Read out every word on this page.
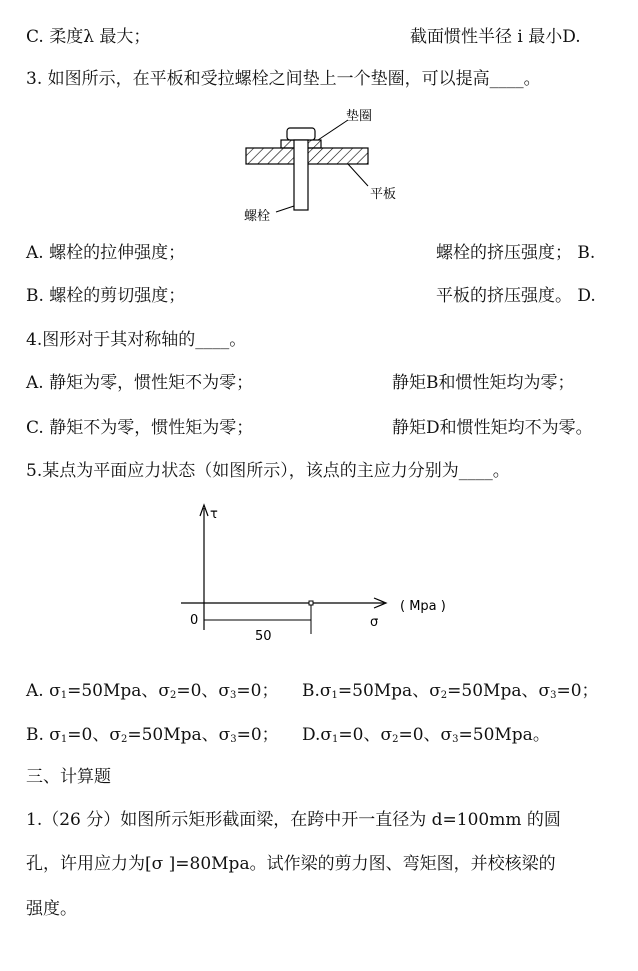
C. 柔度λ 最大；	截面惯性半径 i 最小D.
3. 如图所示，在平板和受拉螺栓之间垫上一个垫圈，可以提高____。
垫圈
平板
螺栓
A. 螺栓的拉伸强度；	螺栓的挤压强度； B.
B. 螺栓的剪切强度；	平板的挤压强度。 D.
4.图形对于其对称轴的____。
A. 静矩为零，惯性矩不为零；	静矩B和惯性矩均为零；
C. 静矩不为零，惯性矩为零；	静矩D和惯性矩均不为零。
5.某点为平面应力状态（如图所示），该点的主应力分别为____。
τ
( Mpa )
0	σ
50
A. $\sigma_1=50Mpa$、$\sigma_2=0$、$\sigma_3=0$； $B.\sigma_1=50Mpa$、$\sigma_2=50Mpa$、$\sigma_3=0$；
B. $\sigma_1=0$、$\sigma_2=50Mpa$、$\sigma_3=0$； $D.\sigma_1=0$、$\sigma_2=0$、$\sigma_3=50Mpa$。
三、计算题
1.（26 分）如图所示矩形截面梁，在跨中开一直径为 d=100mm 的圆
孔，许用应力为[σ ]=80Mpa。试作梁的剪力图、弯矩图，并校核梁的
强度。
